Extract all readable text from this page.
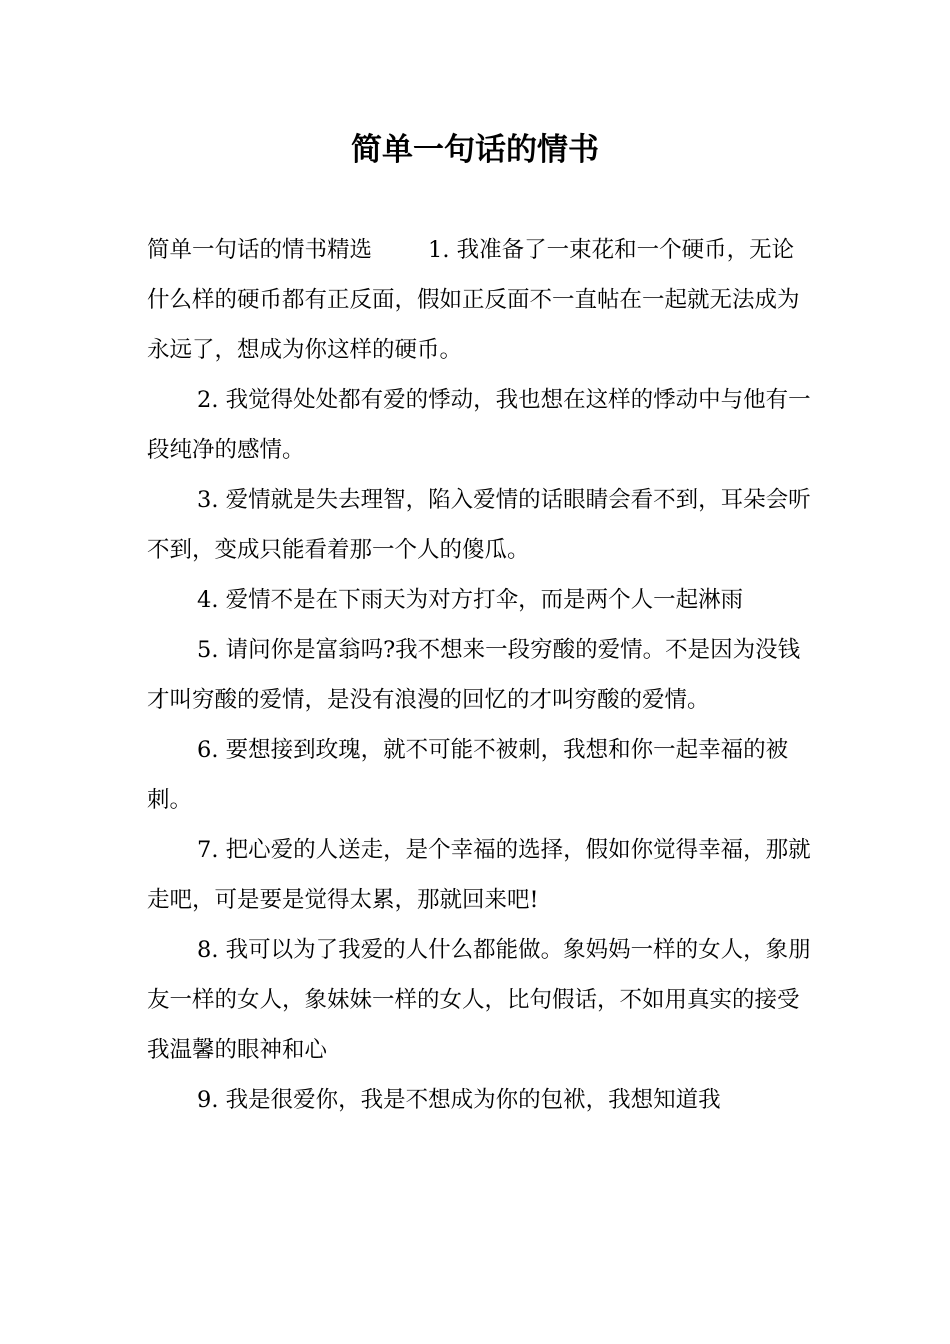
简单一句话的情书

简单一句话的情书精选 1. 我准备了一束花和一个硬币，无论什么样的硬币都有正反面，假如正反面不一直帖在一起就无法成为永远了，想成为你这样的硬币。

2. 我觉得处处都有爱的悸动，我也想在这样的悸动中与他有一段纯净的感情。

3. 爱情就是失去理智，陷入爱情的话眼睛会看不到，耳朵会听不到，变成只能看着那一个人的傻瓜。

4. 爱情不是在下雨天为对方打伞，而是两个人一起淋雨

5. 请问你是富翁吗?我不想来一段穷酸的爱情。不是因为没钱才叫穷酸的爱情，是没有浪漫的回忆的才叫穷酸的爱情。

6. 要想接到玫瑰，就不可能不被刺，我想和你一起幸福的被刺。

7. 把心爱的人送走，是个幸福的选择，假如你觉得幸福，那就走吧，可是要是觉得太累，那就回来吧!

8. 我可以为了我爱的人什么都能做。象妈妈一样的女人，象朋友一样的女人，象妹妹一样的女人，比句假话，不如用真实的接受我温馨的眼神和心

9. 我是很爱你，我是不想成为你的包袱，我想知道我
